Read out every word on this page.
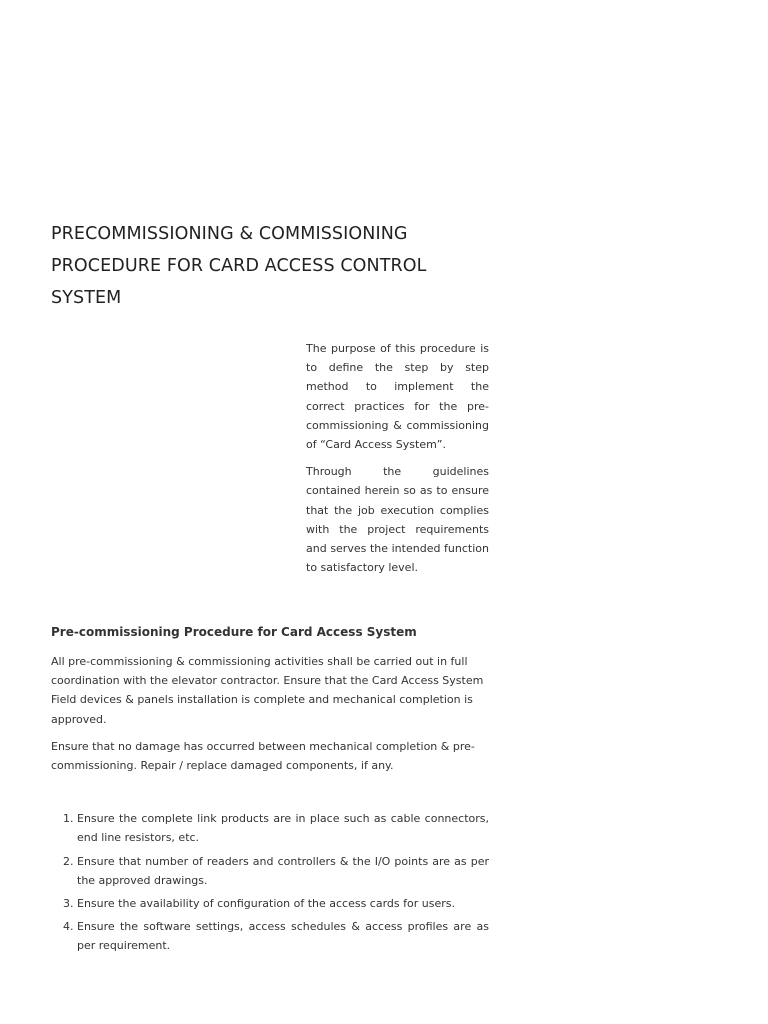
PRECOMMISSIONING & COMMISSIONING PROCEDURE FOR CARD ACCESS CONTROL SYSTEM

The purpose of this procedure is to define the step by step method to implement the correct practices for the pre-commissioning & commissioning of “Card Access System”.

Through the guidelines contained herein so as to ensure that the job execution complies with the project requirements and serves the intended function to satisfactory level.

Pre-commissioning Procedure for Card Access System

All pre-commissioning & commissioning activities shall be carried out in full coordination with the elevator contractor. Ensure that the Card Access System Field devices & panels installation is complete and mechanical completion is approved.

Ensure that no damage has occurred between mechanical completion & pre-commissioning. Repair / replace damaged components, if any.

1. Ensure the complete link products are in place such as cable connectors, end line resistors, etc.
2. Ensure that number of readers and controllers & the I/O points are as per the approved drawings.
3. Ensure the availability of configuration of the access cards for users.
4. Ensure the software settings, access schedules & access profiles are as per requirement.
